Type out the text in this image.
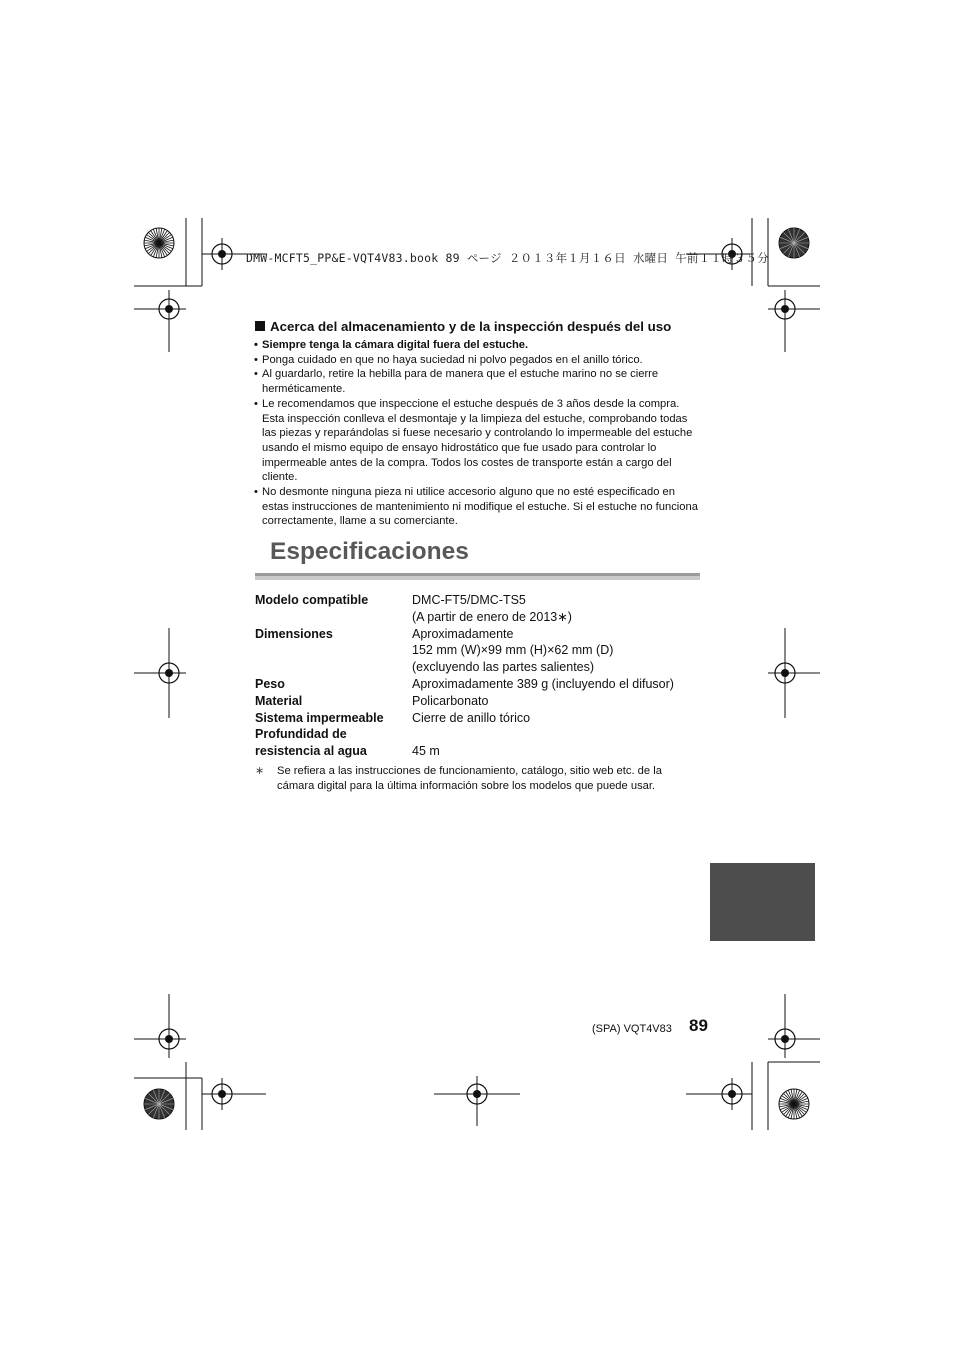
DMW-MCFT5_PP&E-VQT4V83.book 89 ページ ２０１３年１月１６日 水曜日 午前１１時３５分
Acerca del almacenamiento y de la inspección después del uso
• Siempre tenga la cámara digital fuera del estuche.
• Ponga cuidado en que no haya suciedad ni polvo pegados en el anillo tórico.
• Al guardarlo, retire la hebilla para de manera que el estuche marino no se cierre herméticamente.
• Le recomendamos que inspeccione el estuche después de 3 años desde la compra. Esta inspección conlleva el desmontaje y la limpieza del estuche, comprobando todas las piezas y reparándolas si fuese necesario y controlando lo impermeable del estuche usando el mismo equipo de ensayo hidrostático que fue usado para controlar lo impermeable antes de la compra. Todos los costes de transporte están a cargo del cliente.
• No desmonte ninguna pieza ni utilice accesorio alguno que no esté especificado en estas instrucciones de mantenimiento ni modifique el estuche. Si el estuche no funciona correctamente, llame a su comerciante.
Especificaciones
Modelo compatible	DMC-FT5/DMC-TS5
(A partir de enero de 2013∗)
Dimensiones	Aproximadamente
152 mm (W)×99 mm (H)×62 mm (D)
(excluyendo las partes salientes)
Peso	Aproximadamente 389 g (incluyendo el difusor)
Material	Policarbonato
Sistema impermeable	Cierre de anillo tórico
Profundidad de

resistencia al agua	45 m
∗	Se refiera a las instrucciones de funcionamiento, catálogo, sitio web etc. de la cámara digital para la última información sobre los modelos que puede usar.
(SPA) VQT4V83 89
